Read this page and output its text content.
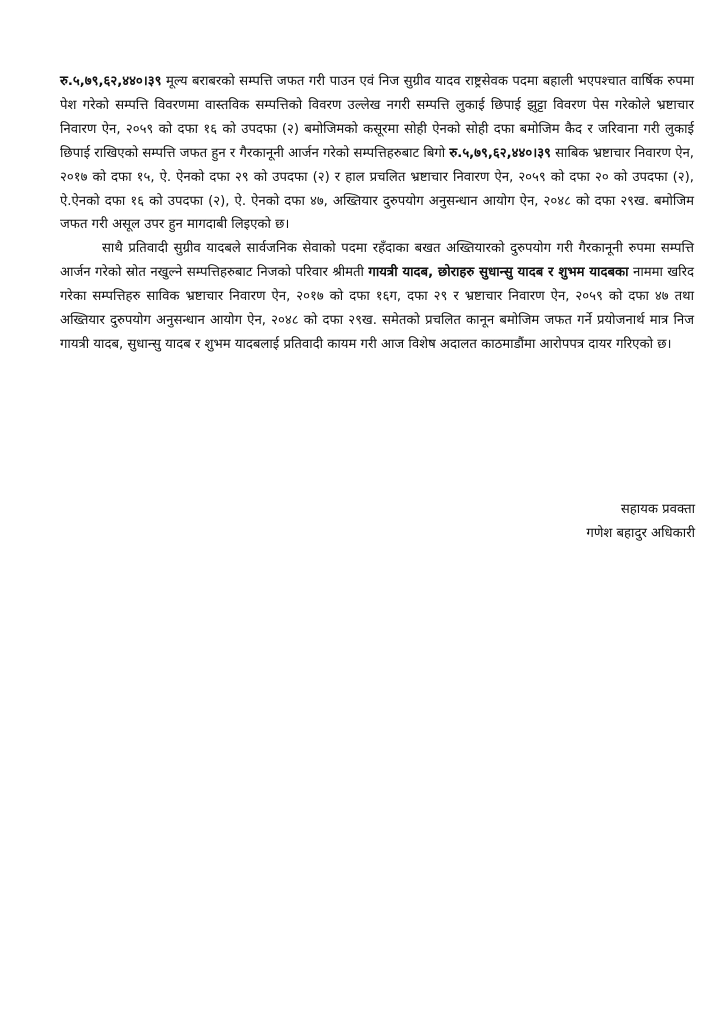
रु.५,७९,६२,४४०।३९ मूल्य बराबरको सम्पत्ति जफत गरी पाउन एवं निज सुग्रीव यादव राष्ट्रसेवक पदमा बहाली भएपश्चात वार्षिक रुपमा पेश गरेको सम्पत्ति विवरणमा वास्तविक सम्पत्तिको विवरण उल्लेख नगरी सम्पत्ति लुकाई छिपाई झुट्टा विवरण पेस गरेकोले भ्रष्टाचार निवारण ऐन, २०५९ को दफा १६ को उपदफा (२) बमोजिमको कसूरमा सोही ऐनको सोही दफा बमोजिम कैद र जरिवाना गरी लुकाई छिपाई राखिएको सम्पत्ति जफत हुन र गैरकानूनी आर्जन गरेको सम्पत्तिहरुबाट बिगो रु.५,७९,६२,४४०।३९ साबिक भ्रष्टाचार निवारण ऐन, २०१७ को दफा १५, ऐ. ऐनको दफा २९ को उपदफा (२) र हाल प्रचलित भ्रष्टाचार निवारण ऐन, २०५९ को दफा २० को उपदफा (२), ऐ.ऐनको दफा १६ को उपदफा (२), ऐ. ऐनको दफा ४७, अख्तियार दुरुपयोग अनुसन्धान आयोग ऐन, २०४८ को दफा २९ख. बमोजिम जफत गरी असूल उपर हुन मागदाबी लिइएको छ।

साथै प्रतिवादी सुग्रीव यादबले सार्वजनिक सेवाको पदमा रहँदाका बखत अख्तियारको दुरुपयोग गरी गैरकानूनी रुपमा सम्पत्ति आर्जन गरेको स्रोत नखुल्ने सम्पत्तिहरुबाट निजको परिवार श्रीमती गायत्री यादब, छोराहरु सुधान्सु यादब र शुभम यादबका नाममा खरिद गरेका सम्पत्तिहरु साविक भ्रष्टाचार निवारण ऐन, २०१७ को दफा १६ग, दफा २९ र भ्रष्टाचार निवारण ऐन, २०५९ को दफा ४७ तथा अख्तियार दुरुपयोग अनुसन्धान आयोग ऐन, २०४८ को दफा २९ख. समेतको प्रचलित कानून बमोजिम जफत गर्ने प्रयोजनार्थ मात्र निज गायत्री यादब, सुधान्सु यादब र शुभम यादबलाई प्रतिवादी कायम गरी आज विशेष अदालत काठमाडौंमा आरोपपत्र दायर गरिएको छ।

सहायक प्रवक्ता
गणेश बहादुर अधिकारी
